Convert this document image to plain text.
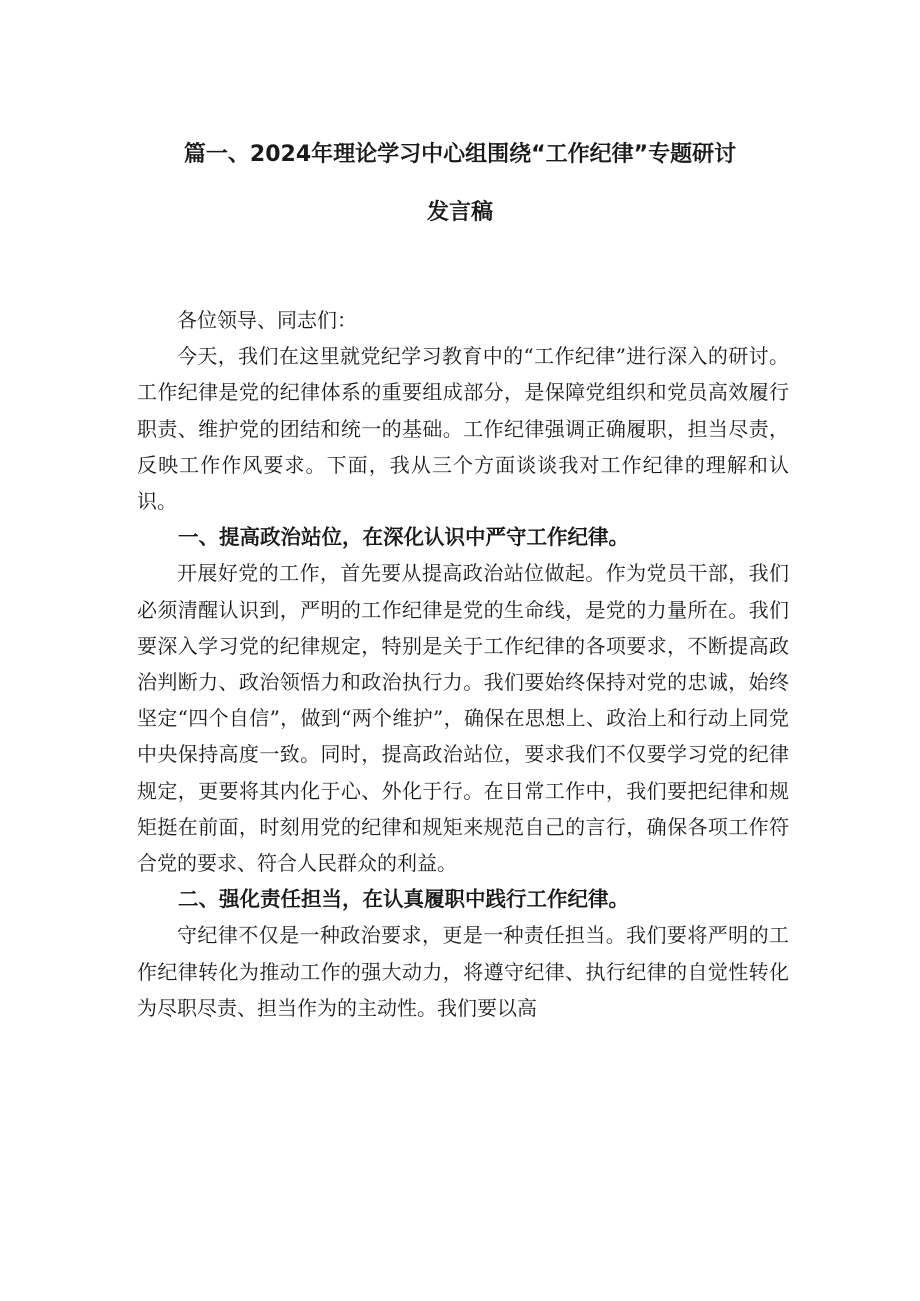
篇一、2024年理论学习中心组围绕“工作纪律”专题研讨
发言稿

各位领导、同志们：

今天，我们在这里就党纪学习教育中的“工作纪律”进行深入的研讨。工作纪律是党的纪律体系的重要组成部分，是保障党组织和党员高效履行职责、维护党的团结和统一的基础。工作纪律强调正确履职，担当尽责，反映工作作风要求。下面，我从三个方面谈谈我对工作纪律的理解和认识。

一、提高政治站位，在深化认识中严守工作纪律。

开展好党的工作，首先要从提高政治站位做起。作为党员干部，我们必须清醒认识到，严明的工作纪律是党的生命线，是党的力量所在。我们要深入学习党的纪律规定，特别是关于工作纪律的各项要求，不断提高政治判断力、政治领悟力和政治执行力。我们要始终保持对党的忠诚，始终坚定“四个自信”，做到“两个维护”，确保在思想上、政治上和行动上同党中央保持高度一致。同时，提高政治站位，要求我们不仅要学习党的纪律规定，更要将其内化于心、外化于行。在日常工作中，我们要把纪律和规矩挺在前面，时刻用党的纪律和规矩来规范自己的言行，确保各项工作符合党的要求、符合人民群众的利益。

二、强化责任担当，在认真履职中践行工作纪律。

守纪律不仅是一种政治要求，更是一种责任担当。我们要将严明的工作纪律转化为推动工作的强大动力，将遵守纪律、执行纪律的自觉性转化为尽职尽责、担当作为的主动性。我们要以高
